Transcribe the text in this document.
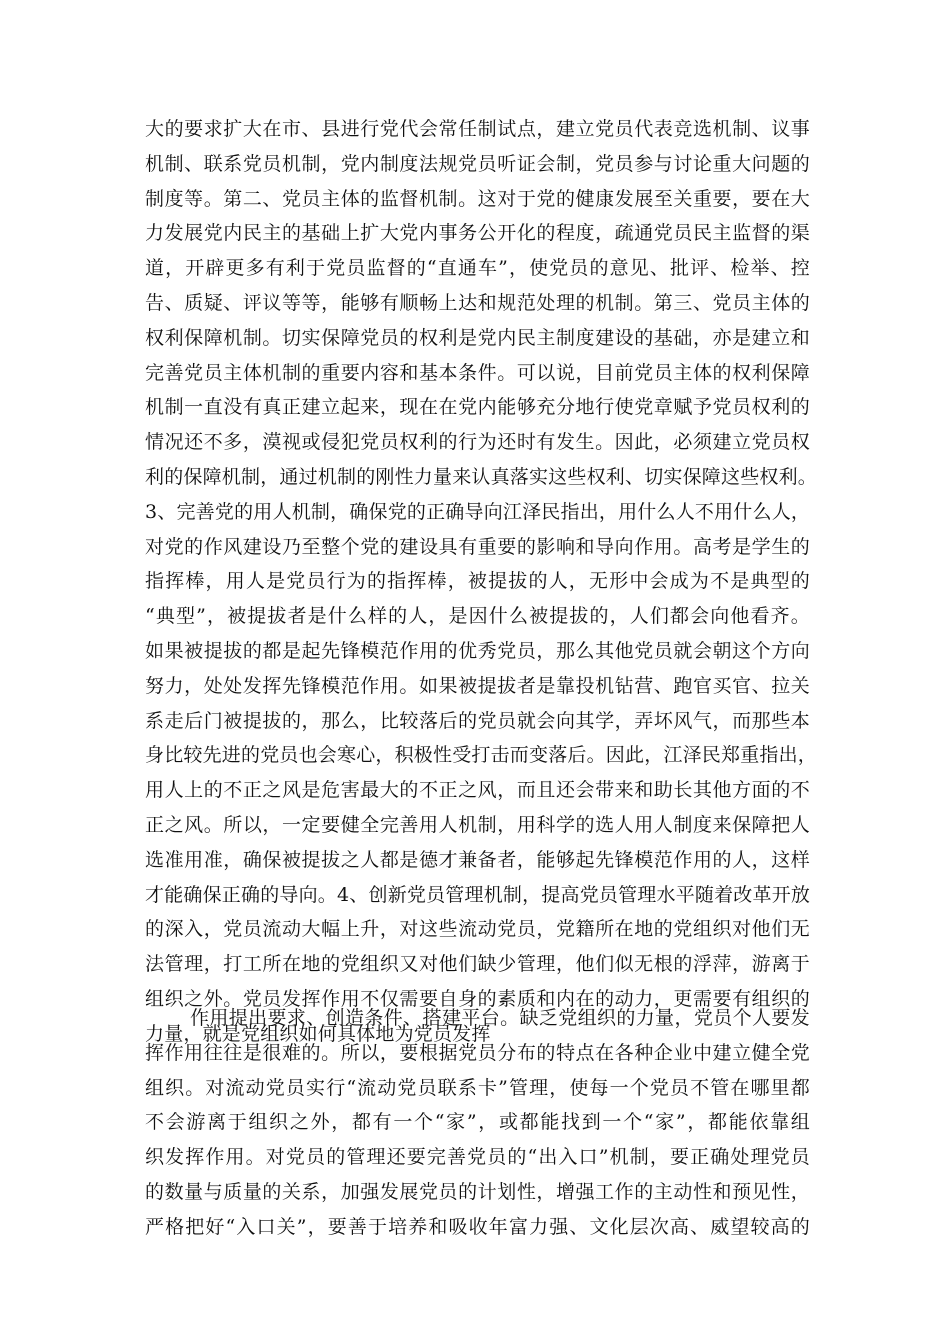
大的要求扩大在市、县进行党代会常任制试点，建立党员代表竞选机制、议事
机制、联系党员机制，党内制度法规党员听证会制，党员参与讨论重大问题的
制度等。第二、党员主体的监督机制。这对于党的健康发展至关重要，要在大
力发展党内民主的基础上扩大党内事务公开化的程度，疏通党员民主监督的渠
道，开辟更多有利于党员监督的“直通车”，使党员的意见、批评、检举、控
告、质疑、评议等等，能够有顺畅上达和规范处理的机制。第三、党员主体的
权利保障机制。切实保障党员的权利是党内民主制度建设的基础，亦是建立和
完善党员主体机制的重要内容和基本条件。可以说，目前党员主体的权利保障
机制一直没有真正建立起来，现在在党内能够充分地行使党章赋予党员权利的
情况还不多，漠视或侵犯党员权利的行为还时有发生。因此，必须建立党员权
利的保障机制，通过机制的刚性力量来认真落实这些权利、切实保障这些权利。
3、完善党的用人机制，确保党的正确导向江泽民指出，用什么人不用什么人，
对党的作风建设乃至整个党的建设具有重要的影响和导向作用。高考是学生的
指挥棒，用人是党员行为的指挥棒，被提拔的人，无形中会成为不是典型的
“典型”，被提拔者是什么样的人，是因什么被提拔的，人们都会向他看齐。
如果被提拔的都是起先锋模范作用的优秀党员，那么其他党员就会朝这个方向
努力，处处发挥先锋模范作用。如果被提拔者是靠投机钻营、跑官买官、拉关
系走后门被提拔的，那么，比较落后的党员就会向其学，弄坏风气，而那些本
身比较先进的党员也会寒心，积极性受打击而变落后。因此，江泽民郑重指出，
用人上的不正之风是危害最大的不正之风，而且还会带来和助长其他方面的不
正之风。所以，一定要健全完善用人机制，用科学的选人用人制度来保障把人
选准用准，确保被提拔之人都是德才兼备者，能够起先锋模范作用的人，这样
才能确保正确的导向。4、创新党员管理机制，提高党员管理水平随着改革开放
的深入，党员流动大幅上升，对这些流动党员，党籍所在地的党组织对他们无
法管理，打工所在地的党组织又对他们缺少管理，他们似无根的浮萍，游离于
组织之外。党员发挥作用不仅需要自身的素质和内在的动力，更需要有组织的
力量，就是党组织如何具体地为党员发挥
作用提出要求、创造条件、搭建平台。缺乏党组织的力量，党员个人要发
挥作用往往是很难的。所以，要根据党员分布的特点在各种企业中建立健全党
组织。对流动党员实行“流动党员联系卡”管理，使每一个党员不管在哪里都
不会游离于组织之外，都有一个“家”，或都能找到一个“家”，都能依靠组
织发挥作用。对党员的管理还要完善党员的“出入口”机制，要正确处理党员
的数量与质量的关系，加强发展党员的计划性，增强工作的主动性和预见性，
严格把好“入口关”，要善于培养和吸收年富力强、文化层次高、威望较高的
